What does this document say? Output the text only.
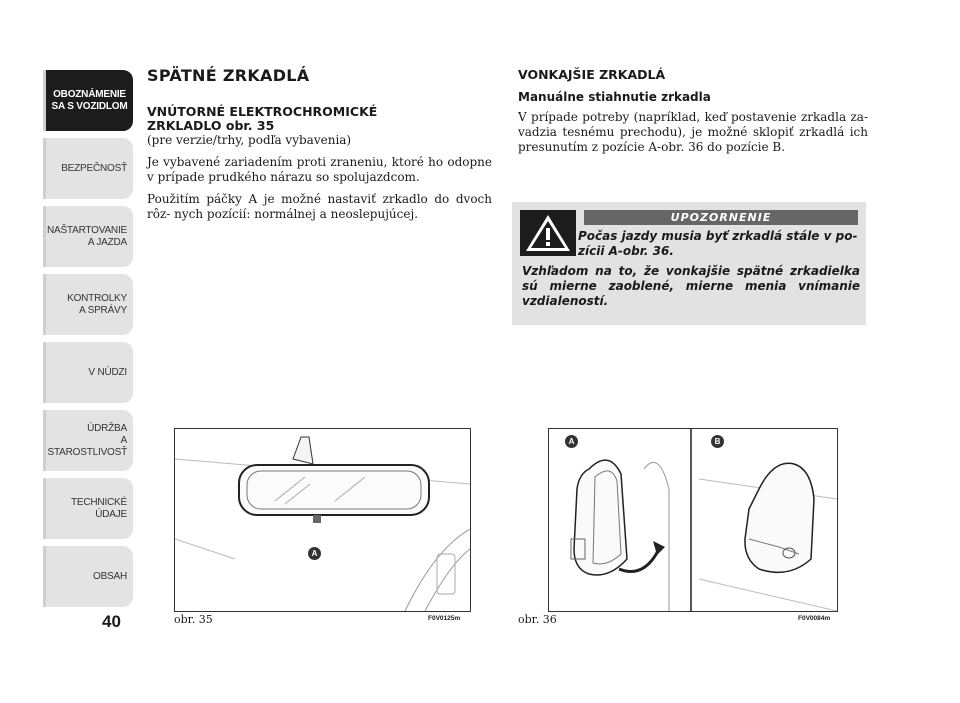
OBOZNÁMENIE
SA S VOZIDLOM
BEZPEČNOSŤ
NAŠTARTOVANIE
A JAZDA
KONTROLKY
A SPRÁVY
V NÚDZI
ÚDRŽBA
A STAROSTLIVOSŤ
TECHNICKÉ
ÚDAJE
OBSAH
40
SPÄTNÉ ZRKADLÁ

VNÚTORNÉ ELEKTROCHROMICKÉ

ZRKLADLO obr. 35

(pre verzie/trhy, podľa vybavenia)

Je vybavené zariadením proti zraneniu, ktoré ho odopne v prípade prudkého nárazu so spolujazdcom.

Použitím páčky A je možné nastaviť zrkadlo do dvoch rôz- nych pozícií: normálnej a neoslepujúcej.

VONKAJŠIE ZRKADLÁ

Manuálne stiahnutie zrkadla

V prípade potreby (napríklad, keď postavenie zrkadla za- vadzia tesnému prechodu), je možné sklopiť zrkadlá ich presunutím z pozície A-obr. 36 do pozície B.

UPOZORNENIE
Počas jazdy musia byť zrkadlá stále v po- zícii A-obr. 36.
Vzhľadom na to, že vonkajšie spätné zrkadielka sú mierne zaoblené, mierne menia vnímanie vzdialeností.
A
obr. 35	F0V0125m
A	B
obr. 36	F0V0084m
